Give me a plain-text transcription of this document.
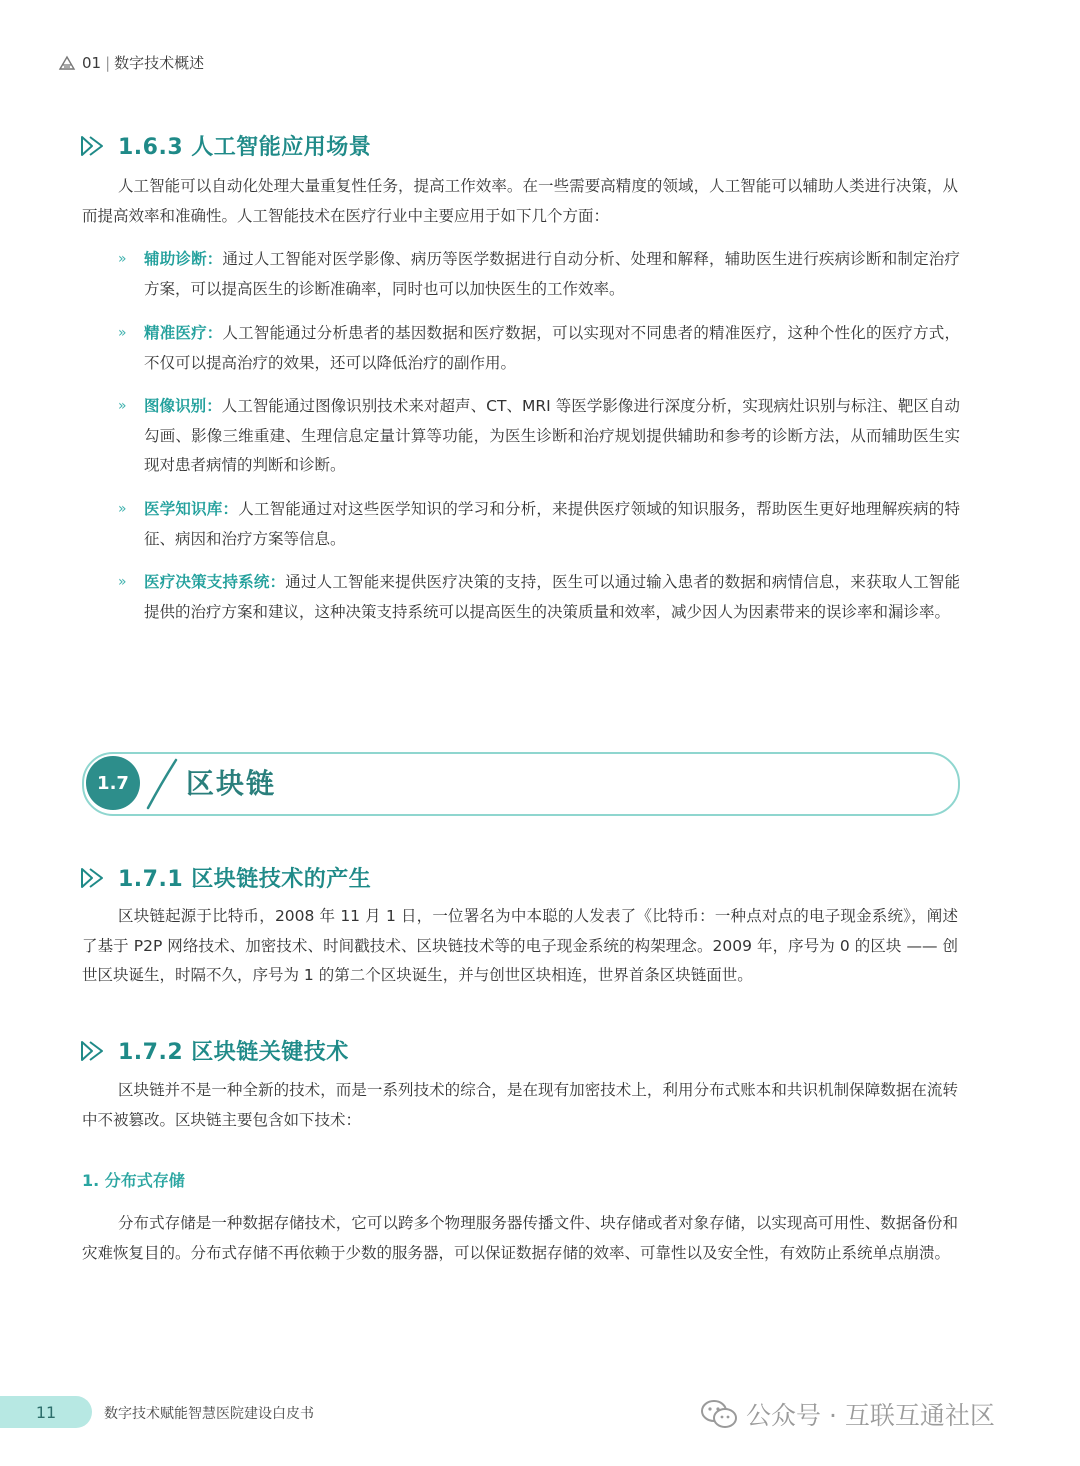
01 | 数字技术概述
1.6.3 人工智能应用场景
人工智能可以自动化处理大量重复性任务，提高工作效率。在一些需要高精度的领域，人工智能可以辅助人类进行决策，从而提高效率和准确性。人工智能技术在医疗行业中主要应用于如下几个方面：
» 辅助诊断：通过人工智能对医学影像、病历等医学数据进行自动分析、处理和解释，辅助医生进行疾病诊断和制定治疗方案，可以提高医生的诊断准确率，同时也可以加快医生的工作效率。
» 精准医疗：人工智能通过分析患者的基因数据和医疗数据，可以实现对不同患者的精准医疗，这种个性化的医疗方式，不仅可以提高治疗的效果，还可以降低治疗的副作用。
» 图像识别：人工智能通过图像识别技术来对超声、CT、MRI 等医学影像进行深度分析，实现病灶识别与标注、靶区自动勾画、影像三维重建、生理信息定量计算等功能，为医生诊断和治疗规划提供辅助和参考的诊断方法，从而辅助医生实现对患者病情的判断和诊断。
» 医学知识库：人工智能通过对这些医学知识的学习和分析，来提供医疗领域的知识服务，帮助医生更好地理解疾病的特征、病因和治疗方案等信息。
» 医疗决策支持系统：通过人工智能来提供医疗决策的支持，医生可以通过输入患者的数据和病情信息，来获取人工智能提供的治疗方案和建议，这种决策支持系统可以提高医生的决策质量和效率，减少因人为因素带来的误诊率和漏诊率。
1.7	区块链
1.7.1 区块链技术的产生
区块链起源于比特币，2008 年 11 月 1 日，一位署名为中本聪的人发表了《比特币：一种点对点的电子现金系统》，阐述了基于 P2P 网络技术、加密技术、时间戳技术、区块链技术等的电子现金系统的构架理念。2009 年，序号为 0 的区块 —— 创世区块诞生，时隔不久，序号为 1 的第二个区块诞生，并与创世区块相连，世界首条区块链面世。
1.7.2 区块链关键技术
区块链并不是一种全新的技术，而是一系列技术的综合，是在现有加密技术上，利用分布式账本和共识机制保障数据在流转中不被篡改。区块链主要包含如下技术：
1. 分布式存储
分布式存储是一种数据存储技术，它可以跨多个物理服务器传播文件、块存储或者对象存储，以实现高可用性、数据备份和灾难恢复目的。分布式存储不再依赖于少数的服务器，可以保证数据存储的效率、可靠性以及安全性，有效防止系统单点崩溃。
11	数字技术赋能智慧医院建设白皮书	公众号 · 互联互通社区
